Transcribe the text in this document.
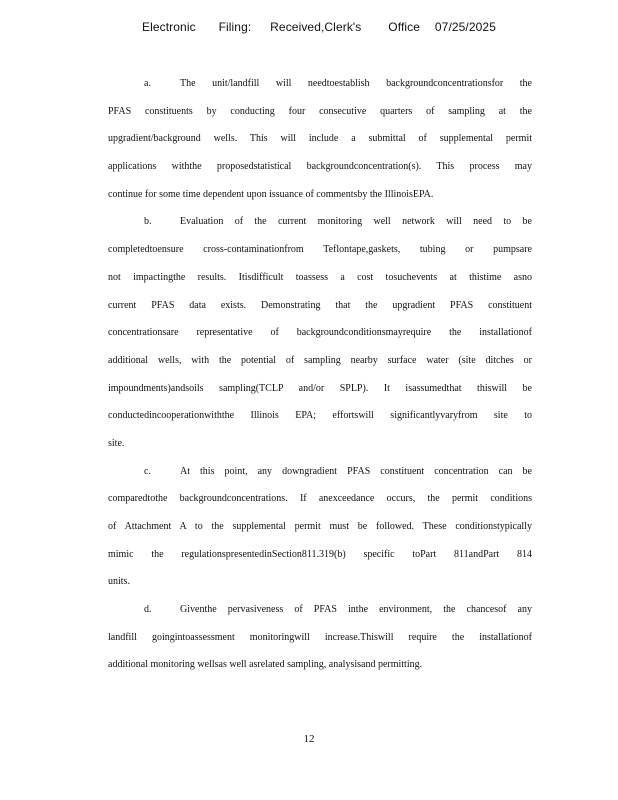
Electronic Filing: Received,Clerk's Office 07/25/2025
a.	The unit/landfill will needtoestablish backgroundconcentrationsfor the
PFAS constituents by conducting four consecutive quarters of sampling at the
upgradient/background wells. This will include a submittal of supplemental permit
applications withthe proposedstatistical backgroundconcentration(s). This process may
continue for some time dependent upon issuance of commentsby the IllinoisEPA.
b.	Evaluation of the current monitoring well network will need to be
completedtoensure cross-contaminationfrom Teflontape,gaskets, tubing or pumpsare
not impactingthe results. Itisdifficult toassess a cost tosuchevents at thistime asno
current PFAS data exists. Demonstrating that the upgradient PFAS constituent
concentrationsare representative of backgroundconditionsmayrequire the installationof
additional wells, with the potential of sampling nearby surface water (site ditches or
impoundments)andsoils sampling(TCLP and/or SPLP). It isassumedthat thiswill be
conductedincooperationwiththe Illinois EPA; effortswill significantlyvaryfrom site to
site.
c.	At this point, any downgradient PFAS constituent concentration can be
comparedtothe backgroundconcentrations. If anexceedance occurs, the permit conditions
of Attachment A to the supplemental permit must be followed. These conditionstypically
mimic the regulationspresentedinSection811.319(b) specific toPart 811andPart 814
units.
d.	Giventhe pervasiveness of PFAS inthe environment, the chancesof any
landfill goingintoassessment monitoringwill increase.Thiswill require the installationof
additional monitoring wellsas well asrelated sampling, analysisand permitting.
12
